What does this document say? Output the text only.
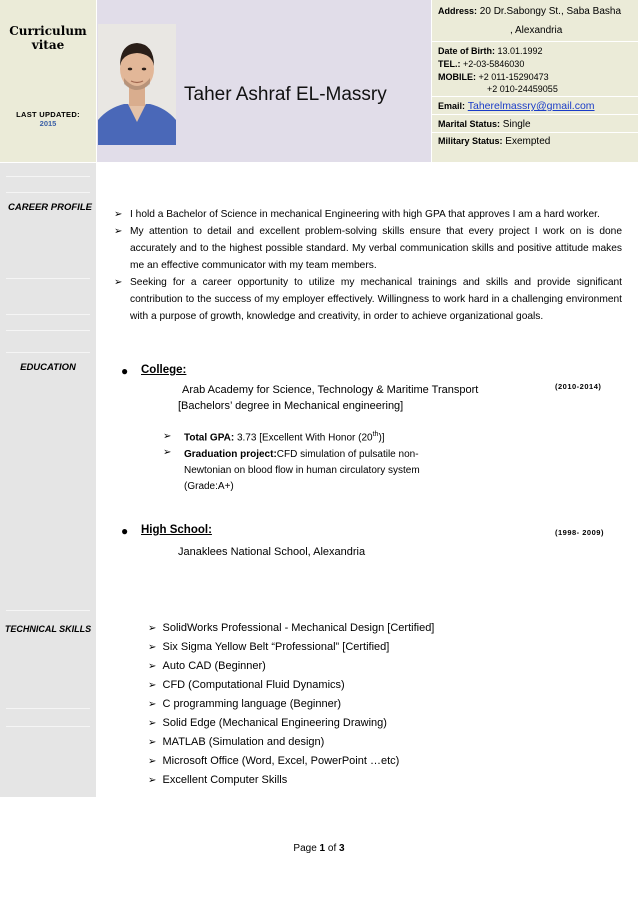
Curriculum vitae
LAST UPDATED:
2015
Taher Ashraf EL-Massry
Address: 20 Dr.Sabongy St., Saba Basha
, Alexandria
Date of Birth: 13.01.1992
TEL.: +2-03-5846030
MOBILE: +2 011-15290473
+2 010-24459055
Email: Taherelmassry@gmail.com
Marital Status: Single
Military Status: Exempted
CAREER PROFILE
EDUCATION
TECHNICAL SKILLS
➢ I hold a Bachelor of Science in mechanical Engineering with high GPA that approves I am a hard worker.
➢ My attention to detail and excellent problem-solving skills ensure that every project I work on is done accurately and to the highest possible standard. My verbal communication skills and positive attitude makes me an effective communicator with my team members.
➢ Seeking for a career opportunity to utilize my mechanical trainings and skills and provide significant contribution to the success of my employer effectively. Willingness to work hard in a challenging environment with a purpose of growth, knowledge and creativity, in order to achieve organizational goals.
● College:
(2010-2014)
Arab Academy for Science, Technology & Maritime Transport
[Bachelors’ degree in Mechanical engineering]
➢ Total GPA: 3.73 [Excellent With Honor (20th)]
➢ Graduation project:CFD simulation of pulsatile non-
Newtonian on blood flow in human circulatory system
(Grade:A+)
● High School:	(1998- 2009)
Janaklees National School, Alexandria
➢ SolidWorks Professional - Mechanical Design [Certified]
➢ Six Sigma Yellow Belt “Professional” [Certified]
➢ Auto CAD (Beginner)
➢ CFD (Computational Fluid Dynamics)
➢ C programming language (Beginner)
➢ Solid Edge (Mechanical Engineering Drawing)
➢ MATLAB (Simulation and design)
➢ Microsoft Office (Word, Excel, PowerPoint …etc)
➢ Excellent Computer Skills
Page 1 of 3
